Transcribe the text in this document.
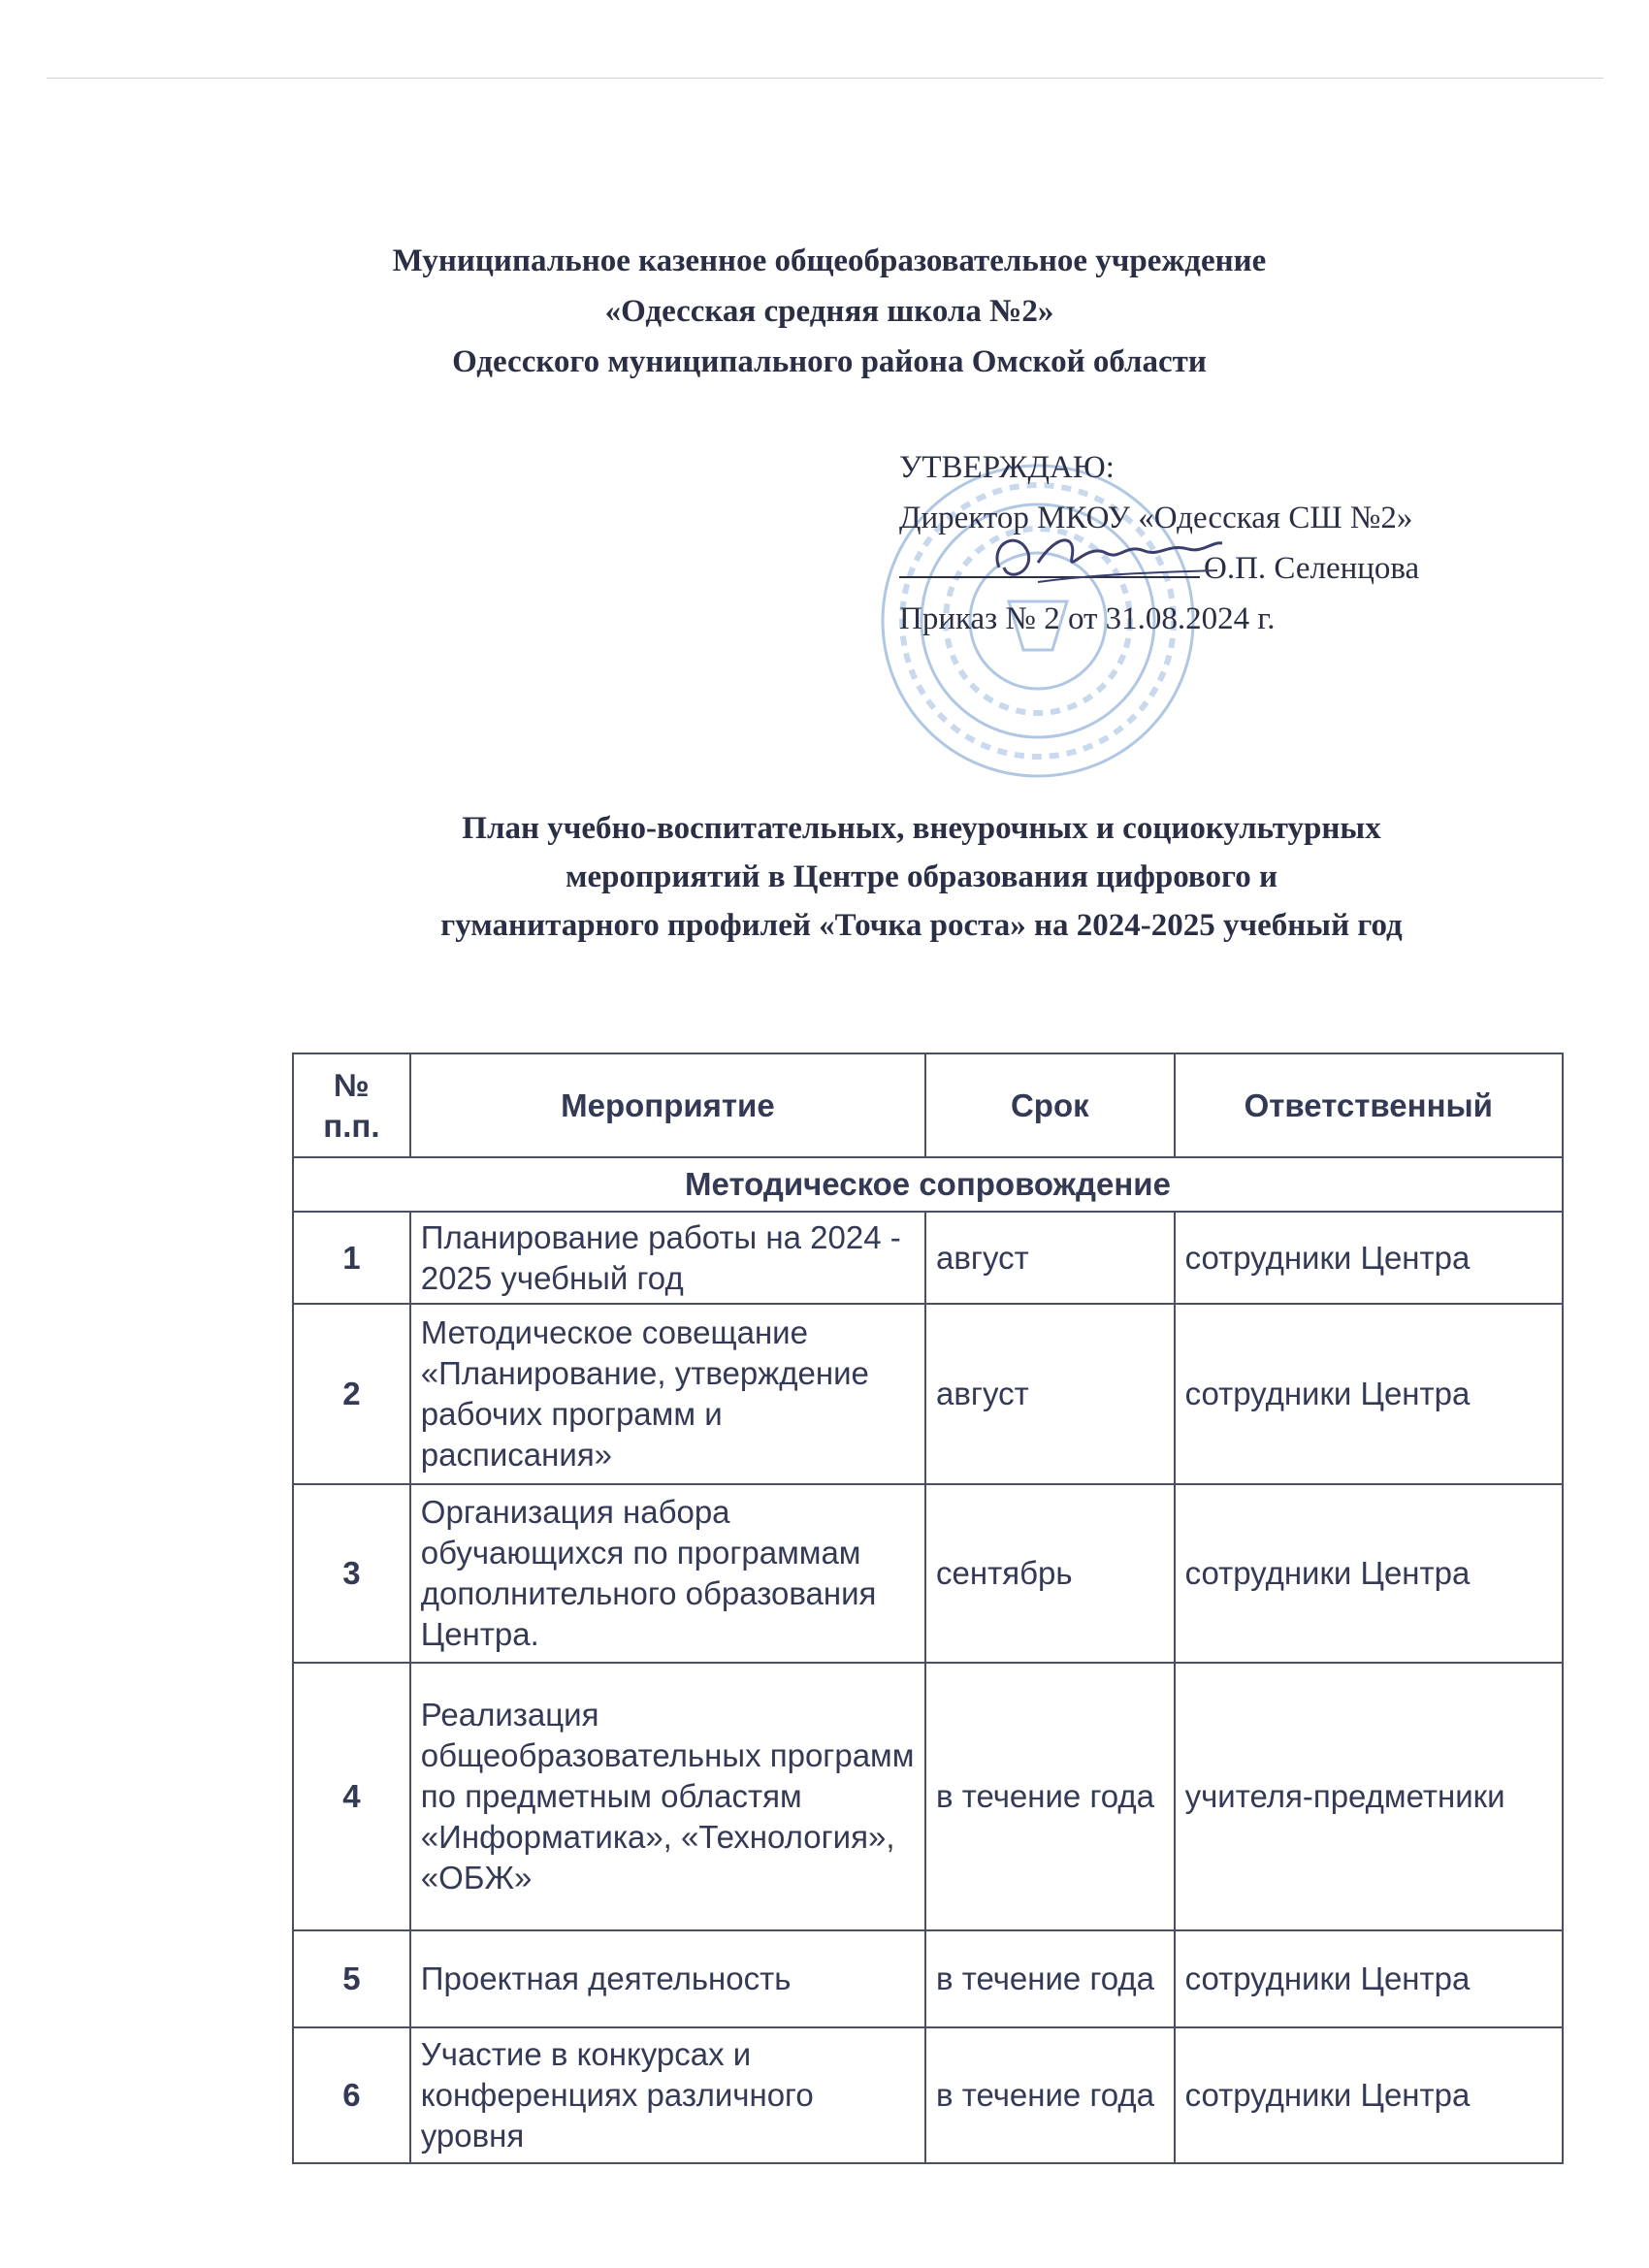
Муниципальное казенное общеобразовательное учреждение
«Одесская средняя школа №2»
Одесского муниципального района Омской области
УТВЕРЖДАЮ:
Директор МКОУ «Одесская СШ №2»
О.П. Селенцова
Приказ № 2 от 31.08.2024 г.
План учебно-воспитательных, внеурочных и социокультурных
мероприятий в Центре образования цифрового и
гуманитарного профилей «Точка роста» на 2024-2025 учебный год
№ п.п.	Мероприятие	Срок	Ответственный
Методическое сопровождение			
1	Планирование работы на 2024 - 2025 учебный год	август	сотрудники Центра
2	Методическое совещание «Планирование, утверждение рабочих программ и расписания»	август	сотрудники Центра
3	Организация набора обучающихся по программам дополнительного образования Центра.	сентябрь	сотрудники Центра
4	Реализация общеобразовательных программ по предметным областям «Информатика», «Технология», «ОБЖ»	в течение года	учителя-предметники
5	Проектная деятельность	в течение года	сотрудники Центра
6	Участие в конкурсах и конференциях различного уровня	в течение года	сотрудники Центра
